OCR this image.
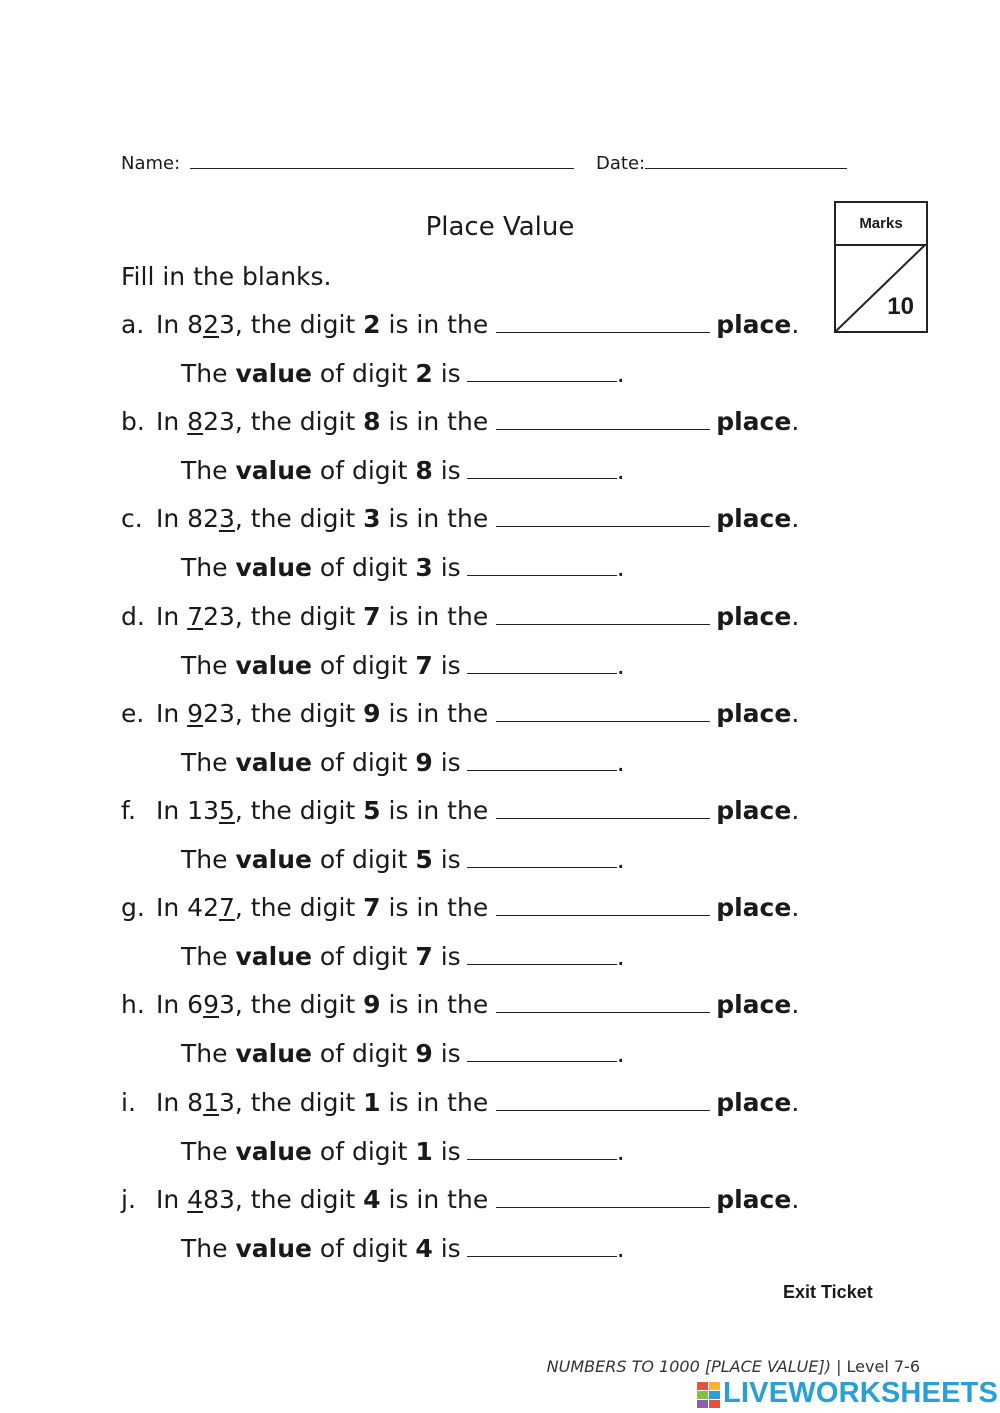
Name:	Date:
Place Value
Fill in the blanks.
Marks
10
a. In 823, the digit 2 is in the	place.
The value of digit 2 is	.
b. In 823, the digit 8 is in the	place.
The value of digit 8 is	.
c. In 823, the digit 3 is in the	place.
The value of digit 3 is	.
d. In 723, the digit 7 is in the	place.
The value of digit 7 is	.
e. In 923, the digit 9 is in the	place.
The value of digit 9 is	.
f. In 135, the digit 5 is in the	place.
The value of digit 5 is	.
g. In 427, the digit 7 is in the	place.
The value of digit 7 is	.
h. In 693, the digit 9 is in the	place.
The value of digit 9 is	.
i. In 813, the digit 1 is in the	place.
The value of digit 1 is	.
j. In 483, the digit 4 is in the	place.
The value of digit 4 is	.
Exit Ticket
NUMBERS TO 1000 [PLACE VALUE]) | Level 7-6
LIVEWORKSHEETS
